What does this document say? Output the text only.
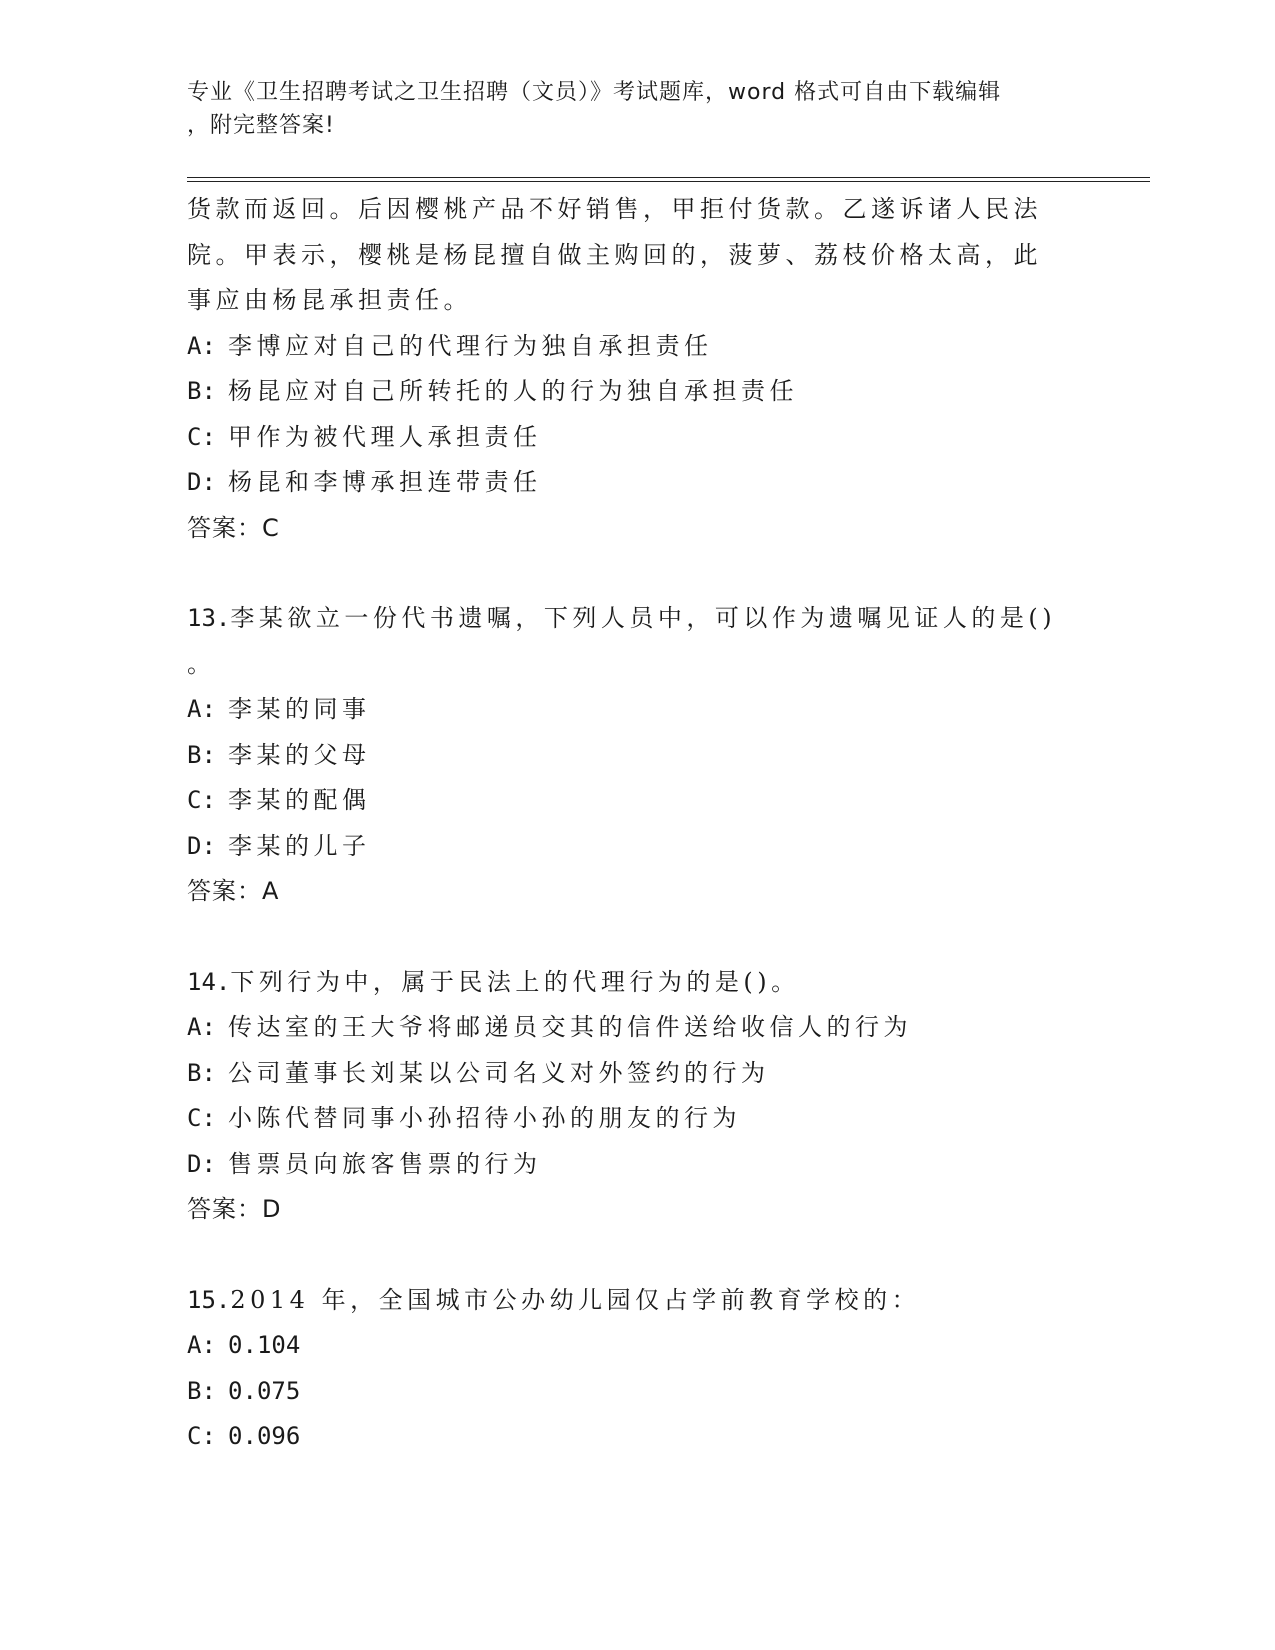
专业《卫生招聘考试之卫生招聘（文员）》考试题库，word 格式可自由下载编辑
，附完整答案!
货款而返回。后因樱桃产品不好销售，甲拒付货款。乙遂诉诸人民法
院。甲表示，樱桃是杨昆擅自做主购回的，菠萝、荔枝价格太高，此
事应由杨昆承担责任。
A: 李博应对自己的代理行为独自承担责任
B: 杨昆应对自己所转托的人的行为独自承担责任
C: 甲作为被代理人承担责任
D: 杨昆和李博承担连带责任
答案：C
13.李某欲立一份代书遗嘱，下列人员中，可以作为遗嘱见证人的是()
。
A: 李某的同事
B: 李某的父母
C: 李某的配偶
D: 李某的儿子
答案：A
14.下列行为中，属于民法上的代理行为的是()。
A: 传达室的王大爷将邮递员交其的信件送给收信人的行为
B: 公司董事长刘某以公司名义对外签约的行为
C: 小陈代替同事小孙招待小孙的朋友的行为
D: 售票员向旅客售票的行为
答案：D
15.2014 年，全国城市公办幼儿园仅占学前教育学校的：
A: 0.104
B: 0.075
C: 0.096
